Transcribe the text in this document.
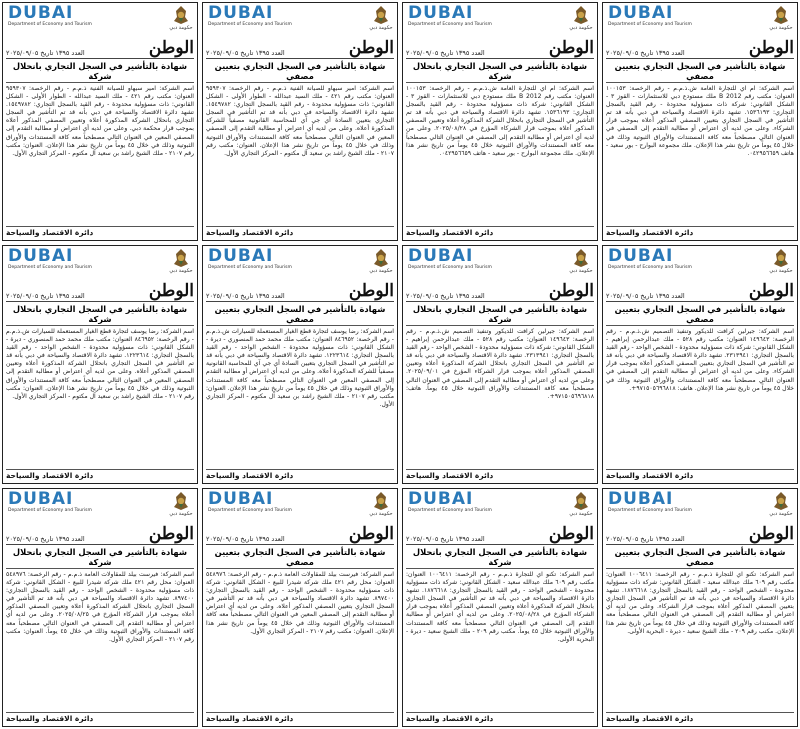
DUBAI
Department of Economy and Tourism
حكومة دبي
الوطن
العدد ١٣٩٥ تاريخ ٢٠٢٥/٠٩/٠٥
شهادة بالتأشير في السجل التجاري بانحلال شركة

اسم الشركة: امير سيهاو للصيانة الفنية ذ.م.م - رقم الرخصة: ٩٥٩٣٠٧ العنوان: مكتب رقم ٤٢١ - ملك السيد عبدالله - الطوار الأولى - الشكل القانوني: ذات مسؤولية محدودة - رقم القيد بالسجل التجاري: ١٥٤٩٧٨٢. تشهد دائرة الاقتصاد والسياحة في دبي بأنه قد تم التأشير في السجل التجاري بانحلال الشركة المذكورة أعلاه وتعيين المصفي المذكور أعلاه بموجب قرار محكمة دبي. وعلى من لديه أي اعتراض أو مطالبة التقدم إلى المصفي المعين في العنوان التالي مصطحباً معه كافة المستندات والأوراق الثبوتية وذلك في خلال ٤٥ يوماً من تاريخ نشر هذا الإعلان. العنوان: مكتب رقم ٢١٠٧ - ملك الشيخ راشد بن سعيد آل مكتوم - المركز التجاري الأول.

دائرة الاقتصاد والسياحة
DUBAI
Department of Economy and Tourism
حكومة دبي
الوطن
العدد ١٣٩٥ تاريخ ٢٠٢٥/٠٩/٠٥
شهادة بالتأشير في السجل التجاري بتعيين مصفي

اسم الشركة: امير سيهاو للصيانة الفنية ذ.م.م - رقم الرخصة: ٩٥٩٣٠٧ العنوان: مكتب رقم ٤٢١ - ملك السيد عبدالله - الطوار الأولى - الشكل القانوني: ذات مسؤولية محدودة - رقم القيد بالسجل التجاري: ١٥٤٩٧٨٢. تشهد دائرة الاقتصاد والسياحة في دبي بأنه قد تم التأشير في السجل التجاري بتعيين السادة أي جي آي للمحاسبة القانونية مصفياً للشركة المذكورة أعلاه. وعلى من لديه أي اعتراض أو مطالبة التقدم إلى المصفي المعين في العنوان التالي مصطحباً معه كافة المستندات والأوراق الثبوتية وذلك في خلال ٤٥ يوماً من تاريخ نشر هذا الإعلان. العنوان: مكتب رقم ٢١٠٧ - ملك الشيخ راشد بن سعيد آل مكتوم - المركز التجاري الأول.

دائرة الاقتصاد والسياحة
DUBAI
Department of Economy and Tourism
حكومة دبي
الوطن
العدد ١٣٩٥ تاريخ ٢٠٢٥/٠٩/٠٥
شهادة بالتأشير في السجل التجاري بانحلال شركة

اسم الشركة: ام اي للتجارة العامة ش.ذ.م.م - رقم الرخصة: ١٠٠١٥٣ العنوان: مكتب رقم B 2012 ملك مستودع دبي للاستثمارات - القوز ٣ - الشكل القانوني: شركة ذات مسؤولية محدودة - رقم القيد بالسجل التجاري: ١٥٣٦١٩٣. تشهد دائرة الاقتصاد والسياحة في دبي بأنه قد تم التأشير في السجل التجاري بانحلال الشركة المذكورة أعلاه وتعيين المصفي المذكور أعلاه بموجب قرار الشركاء المؤرخ في ٢٠٢٥/٠٨/٢٨. وعلى من لديه أي اعتراض أو مطالبة التقدم إلى المصفي في العنوان التالي مصطحباً معه كافة المستندات والأوراق الثبوتية خلال ٤٥ يوماً من تاريخ نشر هذا الإعلان. ملك مجموعة البوارح - بور سعيد - هاتف ٠٤٢٩٥٦٦٥٩.

دائرة الاقتصاد والسياحة
DUBAI
Department of Economy and Tourism
حكومة دبي
الوطن
العدد ١٣٩٥ تاريخ ٢٠٢٥/٠٩/٠٥
شهادة بالتأشير في السجل التجاري بتعيين مصفي

اسم الشركة: ام اي للتجارة العامة ش.ذ.م.م - رقم الرخصة: ١٠٠١٥٣ العنوان: مكتب رقم B 2012 ملك مستودع دبي للاستثمارات - القوز ٣ - الشكل القانوني: شركة ذات مسؤولية محدودة - رقم القيد بالسجل التجاري: ١٥٣٦١٩٣. تشهد دائرة الاقتصاد والسياحة في دبي بأنه قد تم التأشير في السجل التجاري بتعيين المصفي المذكور أعلاه بموجب قرار الشركاء. وعلى من لديه أي اعتراض أو مطالبة التقدم إلى المصفي في العنوان التالي مصطحباً معه كافة المستندات والأوراق الثبوتية وذلك في خلال ٤٥ يوماً من تاريخ نشر هذا الإعلان. ملك مجموعة البوارح - بور سعيد - هاتف ٠٤٢٩٥٦٦٥٩.

دائرة الاقتصاد والسياحة
DUBAI
Department of Economy and Tourism
حكومة دبي
الوطن
العدد ١٣٩٥ تاريخ ٢٠٢٥/٠٩/٠٥
شهادة بالتأشير في السجل التجاري بانحلال شركة

اسم الشركة: رضا يوسف لتجارة قطع الغيار المستعملة للسيارات ش.ذ.م.م - رقم الرخصة: ٨٤٦٩٥٢ العنوان: مكتب ملك محمد حمد المنصوري - ديرة - الشكل القانوني: ذات مسؤولية محدودة - الشخص الواحد - رقم القيد بالسجل التجاري: ١٢٢٣٦١٤. تشهد دائرة الاقتصاد والسياحة في دبي بأنه قد تم التأشير في السجل التجاري بانحلال الشركة المذكورة أعلاه وتعيين المصفي المذكور أعلاه. وعلى من لديه أي اعتراض أو مطالبة التقدم إلى المصفي المعين في العنوان التالي مصطحباً معه كافة المستندات والأوراق الثبوتية وذلك في خلال ٤٥ يوماً من تاريخ نشر هذا الإعلان. العنوان: مكتب رقم ٢١٠٧ - ملك الشيخ راشد بن سعيد آل مكتوم - المركز التجاري الأول.

دائرة الاقتصاد والسياحة
DUBAI
Department of Economy and Tourism
حكومة دبي
الوطن
العدد ١٣٩٥ تاريخ ٢٠٢٥/٠٩/٠٥
شهادة بالتأشير في السجل التجاري بتعيين مصفي

اسم الشركة: رضا يوسف لتجارة قطع الغيار المستعملة للسيارات ش.ذ.م.م - رقم الرخصة: ٨٤٦٩٥٢ العنوان: مكتب ملك محمد حمد المنصوري - ديرة - الشكل القانوني: ذات مسؤولية محدودة - الشخص الواحد - رقم القيد بالسجل التجاري: ١٢٢٣٦١٤. تشهد دائرة الاقتصاد والسياحة في دبي بأنه قد تم التأشير في السجل التجاري بتعيين السادة أي جي آي للمحاسبة القانونية مصفياً للشركة المذكورة أعلاه. وعلى من لديه أي اعتراض أو مطالبة التقدم إلى المصفي المعين في العنوان التالي مصطحباً معه كافة المستندات والأوراق الثبوتية وذلك في خلال ٤٥ يوماً من تاريخ نشر هذا الإعلان. العنوان: مكتب رقم ٢١٠٧ - ملك الشيخ راشد بن سعيد آل مكتوم - المركز التجاري الأول.

دائرة الاقتصاد والسياحة
DUBAI
Department of Economy and Tourism
حكومة دبي
الوطن
العدد ١٣٩٥ تاريخ ٢٠٢٥/٠٩/٠٥
شهادة بالتأشير في السجل التجاري بانحلال شركة

اسم الشركة: جيرلين كرافت للديكور وتنفيذ التصميم ش.ذ.م.م - رقم الرخصة: ١٤٩٦٤٣ العنوان: مكتب رقم ٥٢٨ - ملك عبدالرحمن إبراهيم - الشكل القانوني: شركة ذات مسؤولية محدودة - الشخص الواحد - رقم القيد بالسجل التجاري: ٢٣١٣٩٤١. تشهد دائرة الاقتصاد والسياحة في دبي بأنه قد تم التأشير في السجل التجاري بانحلال الشركة المذكورة أعلاه وتعيين المصفي المذكور أعلاه بموجب قرار الشركاء المؤرخ في ٢٠٢٥/٠٩/٠١. وعلى من لديه أي اعتراض أو مطالبة التقدم إلى المصفي في العنوان التالي مصطحباً معه كافة المستندات والأوراق الثبوتية خلال ٤٥ يوماً. هاتف: ٩٧١٥٠٥٦٩٦٨١٨+.

دائرة الاقتصاد والسياحة
DUBAI
Department of Economy and Tourism
حكومة دبي
الوطن
العدد ١٣٩٥ تاريخ ٢٠٢٥/٠٩/٠٥
شهادة بالتأشير في السجل التجاري بتعيين مصفي

اسم الشركة: جيرلين كرافت للديكور وتنفيذ التصميم ش.ذ.م.م - رقم الرخصة: ١٤٩٦٤٣ العنوان: مكتب رقم ٥٢٨ - ملك عبدالرحمن إبراهيم - الشكل القانوني: شركة ذات مسؤولية محدودة - الشخص الواحد - رقم القيد بالسجل التجاري: ٢٣١٣٩٤١. تشهد دائرة الاقتصاد والسياحة في دبي بأنه قد تم التأشير في السجل التجاري بتعيين المصفي المذكور أعلاه بموجب قرار الشركاء. وعلى من لديه أي اعتراض أو مطالبة التقدم إلى المصفي في العنوان التالي مصطحباً معه كافة المستندات والأوراق الثبوتية وذلك في خلال ٤٥ يوماً من تاريخ نشر هذا الإعلان. هاتف: ٩٧١٥٠٥٦٩٦٨١٨+.

دائرة الاقتصاد والسياحة
DUBAI
Department of Economy and Tourism
حكومة دبي
الوطن
العدد ١٣٩٥ تاريخ ٢٠٢٥/٠٩/٠٥
شهادة بالتأشير في السجل التجاري بانحلال شركة

اسم الشركة: فيرست بيلد للمقاولات العامة ذ.م.م - رقم الرخصة: ٥٤٨٩٧٦ العنوان: محل رقم ٤٢١ ملك شركة شيدرا للبيع - الشكل القانوني: شركة ذات مسؤولية محدودة - الشخص الواحد - رقم القيد بالسجل التجاري: ٨٩٧٤٠٠. تشهد دائرة الاقتصاد والسياحة في دبي بأنه قد تم التأشير في السجل التجاري بانحلال الشركة المذكورة أعلاه وتعيين المصفي المذكور أعلاه بموجب قرار الشركاء المؤرخ في ٢٠٢٥/٠٨/٢٥. وعلى من لديه أي اعتراض أو مطالبة التقدم إلى المصفي في العنوان التالي مصطحباً معه كافة المستندات والأوراق الثبوتية وذلك في خلال ٤٥ يوماً. العنوان: مكتب رقم ٢١٠٧ - المركز التجاري الأول.

دائرة الاقتصاد والسياحة
DUBAI
Department of Economy and Tourism
حكومة دبي
الوطن
العدد ١٣٩٥ تاريخ ٢٠٢٥/٠٩/٠٥
شهادة بالتأشير في السجل التجاري بتعيين مصفي

اسم الشركة: فيرست بيلد للمقاولات العامة ذ.م.م - رقم الرخصة: ٥٤٨٩٧٦ العنوان: محل رقم ٤٢١ ملك شركة شيدرا للبيع - الشكل القانوني: شركة ذات مسؤولية محدودة - الشخص الواحد - رقم القيد بالسجل التجاري: ٨٩٧٤٠٠. تشهد دائرة الاقتصاد والسياحة في دبي بأنه قد تم التأشير في السجل التجاري بتعيين المصفي المذكور أعلاه. وعلى من لديه أي اعتراض أو مطالبة التقدم إلى المصفي المعين في العنوان التالي مصطحباً معه كافة المستندات والأوراق الثبوتية وذلك في خلال ٤٥ يوماً من تاريخ نشر هذا الإعلان. العنوان: مكتب رقم ٢١٠٧ - المركز التجاري الأول.

دائرة الاقتصاد والسياحة
DUBAI
Department of Economy and Tourism
حكومة دبي
الوطن
العدد ١٣٩٥ تاريخ ٢٠٢٥/٠٩/٠٥
شهادة بالتأشير في السجل التجاري بانحلال شركة

اسم الشركة: تكنو آي للتجارة ذ.م.م - رقم الرخصة: ١٠٠٦٤١١ العنوان: مكتب رقم ٦٠٩ ملك عبدالله سعيد - الشكل القانوني: شركة ذات مسؤولية محدودة - الشخص الواحد - رقم القيد بالسجل التجاري: ١٨٧٦٦١٨. تشهد دائرة الاقتصاد والسياحة في دبي بأنه قد تم التأشير في السجل التجاري بانحلال الشركة المذكورة أعلاه وتعيين المصفي المذكور أعلاه بموجب قرار الشركاء المؤرخ في ٢٠٢٥/٠٨/٢٨. وعلى من لديه أي اعتراض أو مطالبة التقدم إلى المصفي في العنوان التالي مصطحباً معه كافة المستندات والأوراق الثبوتية خلال ٤٥ يوماً. مكتب رقم ٢٠٩ - ملك الشيخ سعيد - ديرة - البحرية الأولى.

دائرة الاقتصاد والسياحة
DUBAI
Department of Economy and Tourism
حكومة دبي
الوطن
العدد ١٣٩٥ تاريخ ٢٠٢٥/٠٩/٠٥
شهادة بالتأشير في السجل التجاري بتعيين مصفي

اسم الشركة: تكنو آي للتجارة ذ.م.م - رقم الرخصة: ١٠٠٦٤١١ العنوان: مكتب رقم ٦٠٩ ملك عبدالله سعيد - الشكل القانوني: شركة ذات مسؤولية محدودة - الشخص الواحد - رقم القيد بالسجل التجاري: ١٨٧٦٦١٨. تشهد دائرة الاقتصاد والسياحة في دبي بأنه قد تم التأشير في السجل التجاري بتعيين المصفي المذكور أعلاه بموجب قرار الشركاء. وعلى من لديه أي اعتراض أو مطالبة التقدم إلى المصفي في العنوان التالي مصطحباً معه كافة المستندات والأوراق الثبوتية وذلك في خلال ٤٥ يوماً من تاريخ نشر هذا الإعلان. مكتب رقم ٢٠٩ - ملك الشيخ سعيد - ديرة - البحرية الأولى.

دائرة الاقتصاد والسياحة
